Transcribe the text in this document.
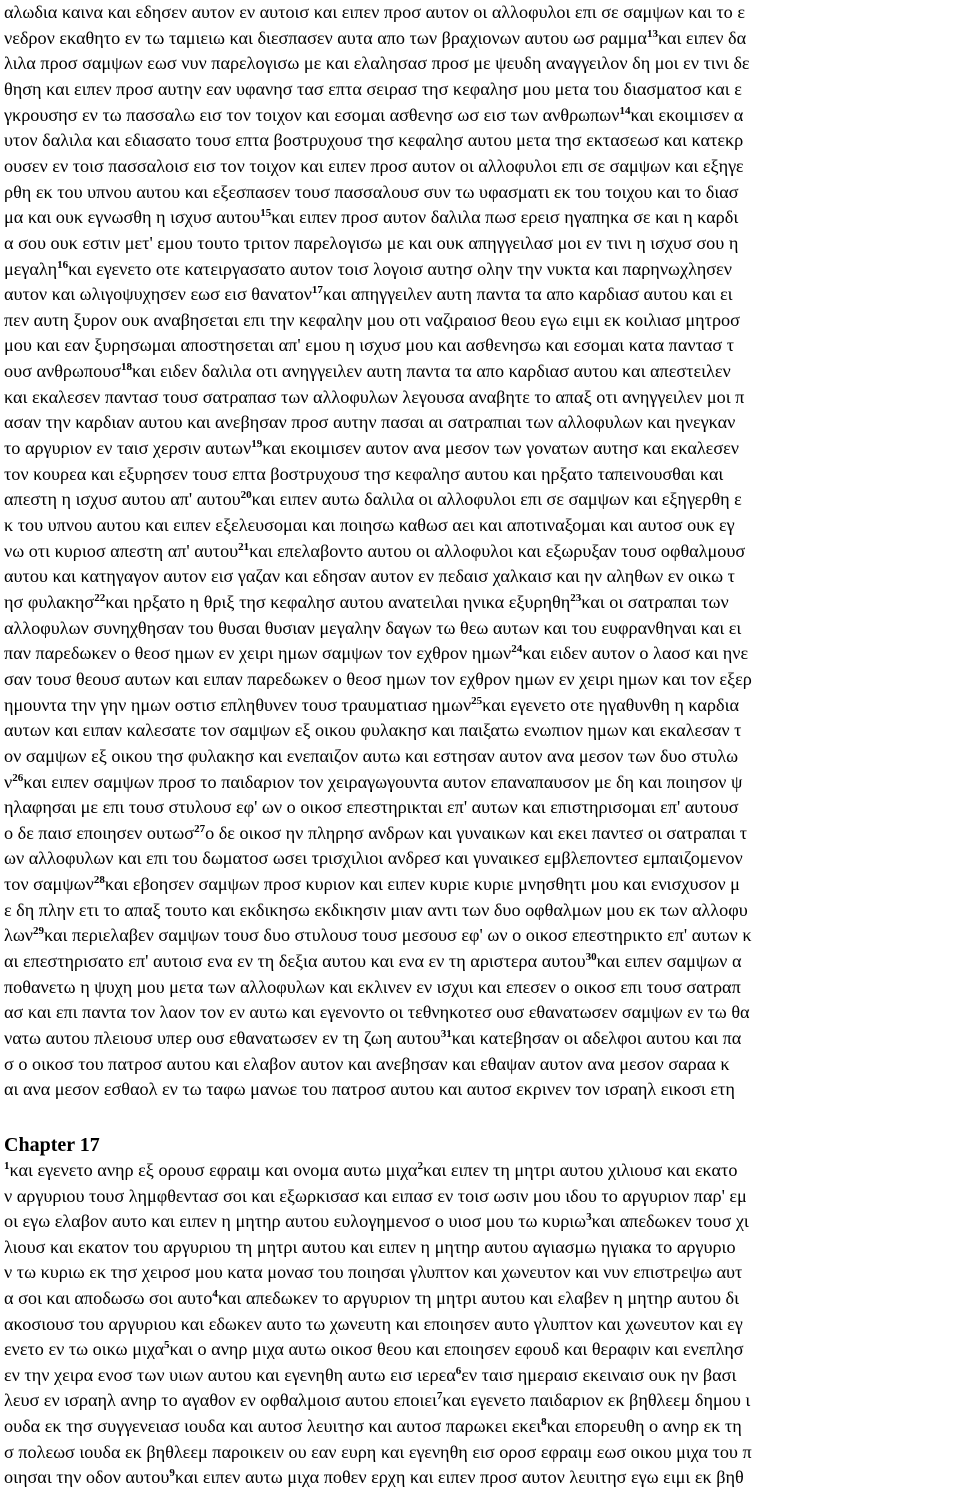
αλωδια καινα και εδησεν αυτον εν αυτοισ και ειπεν προσ αυτον οι αλλοφυλοι επι σε σαμψων και το ε
νεδρον εκαθητο εν τω ταμιειω και διεσπασεν αυτα απο των βραχιονων αυτου ωσ ραμμα$^{13}$και ειπεν δα
λιλα προσ σαμψων εωσ νυν παρελογισω με και ελαλησασ προσ με ψευδη αναγγειλον δη μοι εν τινι δε
θηση και ειπεν προσ αυτην εαν υφανησ τασ επτα σειρασ τησ κεφαλησ μου μετα του διασματοσ και ε
γκρουσησ εν τω πασσαλω εισ τον τοιχον και εσομαι ασθενησ ωσ εισ των ανθρωπων$^{14}$και εκοιμισεν α
υτον δαλιλα και εδιασατο τουσ επτα βοστρυχουσ τησ κεφαλησ αυτου μετα τησ εκτασεωσ και κατεκρ
ουσεν εν τοισ πασσαλοισ εισ τον τοιχον και ειπεν προσ αυτον οι αλλοφυλοι επι σε σαμψων και εξηγε
ρθη εκ του υπνου αυτου και εξεσπασεν τουσ πασσαλουσ συν τω υφασματι εκ του τοιχου και το διασ
μα και ουκ εγνωσθη η ισχυσ αυτου$^{15}$και ειπεν προσ αυτον δαλιλα πωσ ερεισ ηγαπηκα σε και η καρδι
α σου ουκ εστιν μετ' εμου τουτο τριτον παρελογισω με και ουκ απηγγειλασ μοι εν τινι η ισχυσ σου η
μεγαλη$^{16}$και εγενετο οτε κατειργασατο αυτον τοισ λογοισ αυτησ ολην την νυκτα και παρηνωχλησεν
αυτον και ωλιγοψυχησεν εωσ εισ θανατον$^{17}$και απηγγειλεν αυτη παντα τα απο καρδιασ αυτου και ει
πεν αυτη ξυρον ουκ αναβησεται επι την κεφαλην μου οτι ναζιραιοσ θεου εγω ειμι εκ κοιλιασ μητροσ
μου και εαν ξυρησωμαι αποστησεται απ' εμου η ισχυσ μου και ασθενησω και εσομαι κατα παντασ τ
ουσ ανθρωπουσ$^{18}$και ειδεν δαλιλα οτι ανηγγειλεν αυτη παντα τα απο καρδιασ αυτου και απεστειλεν
και εκαλεσεν παντασ τουσ σατραπασ των αλλοφυλων λεγουσα αναβητε το απαξ οτι ανηγγειλεν μοι π
ασαν την καρδιαν αυτου και ανεβησαν προσ αυτην πασαι αι σατραπιαι των αλλοφυλων και ηνεγκαν
το αργυριον εν ταισ χερσιν αυτων$^{19}$και εκοιμισεν αυτον ανα μεσον των γονατων αυτησ και εκαλεσεν
τον κουρεα και εξυρησεν τουσ επτα βοστρυχουσ τησ κεφαλησ αυτου και ηρξατο ταπεινουσθαι και
απεστη η ισχυσ αυτου απ' αυτου$^{20}$και ειπεν αυτω δαλιλα οι αλλοφυλοι επι σε σαμψων και εξηγερθη ε
κ του υπνου αυτου και ειπεν εξελευσομαι και ποιησω καθωσ αει και αποτιναξομαι και αυτοσ ουκ εγ
νω οτι κυριοσ απεστη απ' αυτου$^{21}$και επελαβοντο αυτου οι αλλοφυλοι και εξωρυξαν τουσ οφθαλμουσ
αυτου και κατηγαγον αυτον εισ γαζαν και εδησαν αυτον εν πεδαισ χαλκαισ και ην αληθων εν οικω τ
ησ φυλακησ$^{22}$και ηρξατο η θριξ τησ κεφαλησ αυτου ανατειλαι ηνικα εξυρηθη$^{23}$και οι σατραπαι των
αλλοφυλων συνηχθησαν του θυσαι θυσιαν μεγαλην δαγων τω θεω αυτων και του ευφρανθηναι και ει
παν παρεδωκεν ο θεοσ ημων εν χειρι ημων σαμψων τον εχθρον ημων$^{24}$και ειδεν αυτον ο λαοσ και ηνε
σαν τουσ θεουσ αυτων και ειπαν παρεδωκεν ο θεοσ ημων τον εχθρον ημων εν χειρι ημων και τον εξερ
ημουντα την γην ημων οστισ επληθυνεν τουσ τραυματιασ ημων$^{25}$και εγενετο οτε ηγαθυνθη η καρδια
αυτων και ειπαν καλεσατε τον σαμψων εξ οικου φυλακησ και παιξατω ενωπιον ημων και εκαλεσαν τ
ον σαμψων εξ οικου τησ φυλακησ και ενεπαιζον αυτω και εστησαν αυτον ανα μεσον των δυο στυλω
$\nu^{26}\kappa\alpha\iota$ ειπεν σαμψων προσ το παιδαριον τον χειραγωγουντα αυτον επαναπαυσον με δη και ποιησον ψ
ηλαφησαι με επι τουσ στυλουσ εφ' ων ο οικοσ επεστηρικται επ' αυτων και επιστηρισομαι επ' αυτουσ
ο δε παισ εποιησεν ουτωσ$^{27}$ο δε οικοσ ην πληρησ ανδρων και γυναικων και εκει παντεσ οι σατραπαι τ
ων αλλοφυλων και επι του δωματοσ ωσει τρισχιλιοι ανδρεσ και γυναικεσ εμβλεποντεσ εμπαιζομενον
τον σαμψων$^{28}$και εβοησεν σαμψων προσ κυριον και ειπεν κυριε κυριε μνησθητι μου και ενισχυσον μ
ε δη πλην ετι το απαξ τουτο και εκδικησω εκδικησιν μιαν αντι των δυο οφθαλμων μου εκ των αλλοφυ
λων$^{29}$και περιελαβεν σαμψων τουσ δυο στυλουσ τουσ μεσουσ εφ' ων ο οικοσ επεστηρικτο επ' αυτων κ
αι επεστηρισατο επ' αυτοισ ενα εν τη δεξια αυτου και ενα εν τη αριστερα αυτου$^{30}$και ειπεν σαμψων α
ποθανετω η ψυχη μου μετα των αλλοφυλων και εκλινεν εν ισχυι και επεσεν ο οικοσ επι τουσ σατραπ
ασ και επι παντα τον λαον τον εν αυτω και εγενοντο οι τεθνηκοτεσ ουσ εθανατωσεν σαμψων εν τω θα
νατω αυτου πλειουσ υπερ ουσ εθανατωσεν εν τη ζωη αυτου$^{31}$και κατεβησαν οι αδελφοι αυτου και πα
σ ο οικοσ του πατροσ αυτου και ελαβον αυτον και ανεβησαν και εθαψαν αυτον ανα μεσον σαραα κ
αι ανα μεσον εσθαολ εν τω ταφω μανωε του πατροσ αυτου και αυτοσ εκρινεν τον ισραηλ εικοσι ετη
Chapter 17
$^1$και εγενετο ανηρ εξ ορουσ εφραιμ και ονομα αυτω μιχα$^2$και ειπεν τη μητρι αυτου χιλιουσ και εκατο
ν αργυριου τουσ λημφθεντασ σοι και εξωρκισασ και ειπασ εν τοισ ωσιν μου ιδου το αργυριον παρ' εμ
οι εγω ελαβον αυτο και ειπεν η μητηρ αυτου ευλογημενοσ ο υιοσ μου τω κυριω$^3$και απεδωκεν τουσ χι
λιουσ και εκατον του αργυριου τη μητρι αυτου και ειπεν η μητηρ αυτου αγιασμω ηγιακα το αργυριο
ν τω κυριω εκ τησ χειροσ μου κατα μονασ του ποιησαι γλυπτον και χωνευτον και νυν επιστρεψω αυτ
α σοι και αποδωσω σοι αυτο$^4$και απεδωκεν το αργυριον τη μητρι αυτου και ελαβεν η μητηρ αυτου δι
ακοσιουσ του αργυριου και εδωκεν αυτο τω χωνευτη και εποιησεν αυτο γλυπτον και χωνευτον και εγ
ενετο εν τω οικω μιχα$^5$και ο ανηρ μιχα αυτω οικοσ θεου και εποιησεν εφουδ και θεραφιν και ενεπλησ
εν την χειρα ενοσ των υιων αυτου και εγενηθη αυτω εισ ιερεα$^6$εν ταισ ημεραισ εκειναισ ουκ ην βασι
λευσ εν ισραηλ ανηρ το αγαθον εν οφθαλμοισ αυτου εποιει$^7$και εγενετο παιδαριον εκ βηθλεεμ δημου ι
ουδα εκ τησ συγγενειασ ιουδα και αυτοσ λευιτησ και αυτοσ παρωκει εκει$^8$και επορευθη ο ανηρ εκ τη
σ πολεωσ ιουδα εκ βηθλεεμ παροικειν ου εαν ευρη και εγενηθη εισ οροσ εφραιμ εωσ οικου μιχα του π
οιησαι την οδον αυτου$^9$και ειπεν αυτω μιχα ποθεν ερχη και ειπεν προσ αυτον λευιτησ εγω ειμι εκ βηθ
